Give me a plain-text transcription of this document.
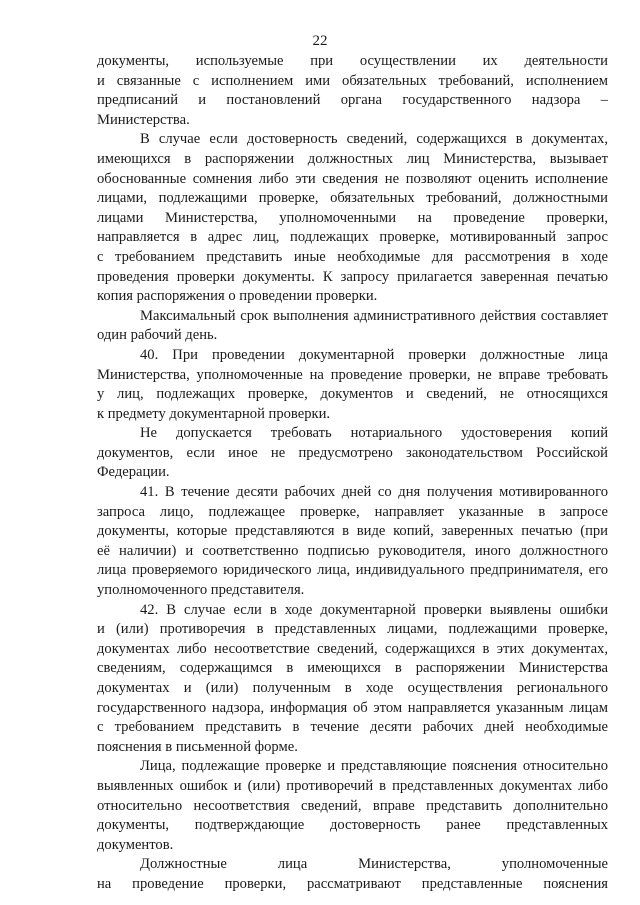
22

документы, используемые при осуществлении их деятельности
и связанные с исполнением ими обязательных требований, исполнением
предписаний и постановлений органа государственного надзора –
Министерства.

В случае если достоверность сведений, содержащихся в документах,
имеющихся в распоряжении должностных лиц Министерства, вызывает
обоснованные сомнения либо эти сведения не позволяют оценить исполнение
лицами, подлежащими проверке, обязательных требований, должностными
лицами Министерства, уполномоченными на проведение проверки,
направляется в адрес лиц, подлежащих проверке, мотивированный запрос
с требованием представить иные необходимые для рассмотрения в ходе
проведения проверки документы. К запросу прилагается заверенная печатью
копия распоряжения о проведении проверки.

Максимальный срок выполнения административного действия составляет
один рабочий день.

40. При проведении документарной проверки должностные лица
Министерства, уполномоченные на проведение проверки, не вправе требовать
у лиц, подлежащих проверке, документов и сведений, не относящихся
к предмету документарной проверки.

Не допускается требовать нотариального удостоверения копий
документов, если иное не предусмотрено законодательством Российской
Федерации.

41. В течение десяти рабочих дней со дня получения мотивированного
запроса лицо, подлежащее проверке, направляет указанные в запросе
документы, которые представляются в виде копий, заверенных печатью (при
её наличии) и соответственно подписью руководителя, иного должностного
лица проверяемого юридического лица, индивидуального предпринимателя, его
уполномоченного представителя.

42. В случае если в ходе документарной проверки выявлены ошибки
и (или) противоречия в представленных лицами, подлежащими проверке,
документах либо несоответствие сведений, содержащихся в этих документах,
сведениям, содержащимся в имеющихся в распоряжении Министерства
документах и (или) полученным в ходе осуществления регионального
государственного надзора, информация об этом направляется указанным лицам
с требованием представить в течение десяти рабочих дней необходимые
пояснения в письменной форме.

Лица, подлежащие проверке и представляющие пояснения относительно
выявленных ошибок и (или) противоречий в представленных документах либо
относительно несоответствия сведений, вправе представить дополнительно
документы, подтверждающие достоверность ранее представленных
документов.

Должностные лица Министерства, уполномоченные
на проведение проверки, рассматривают представленные пояснения
